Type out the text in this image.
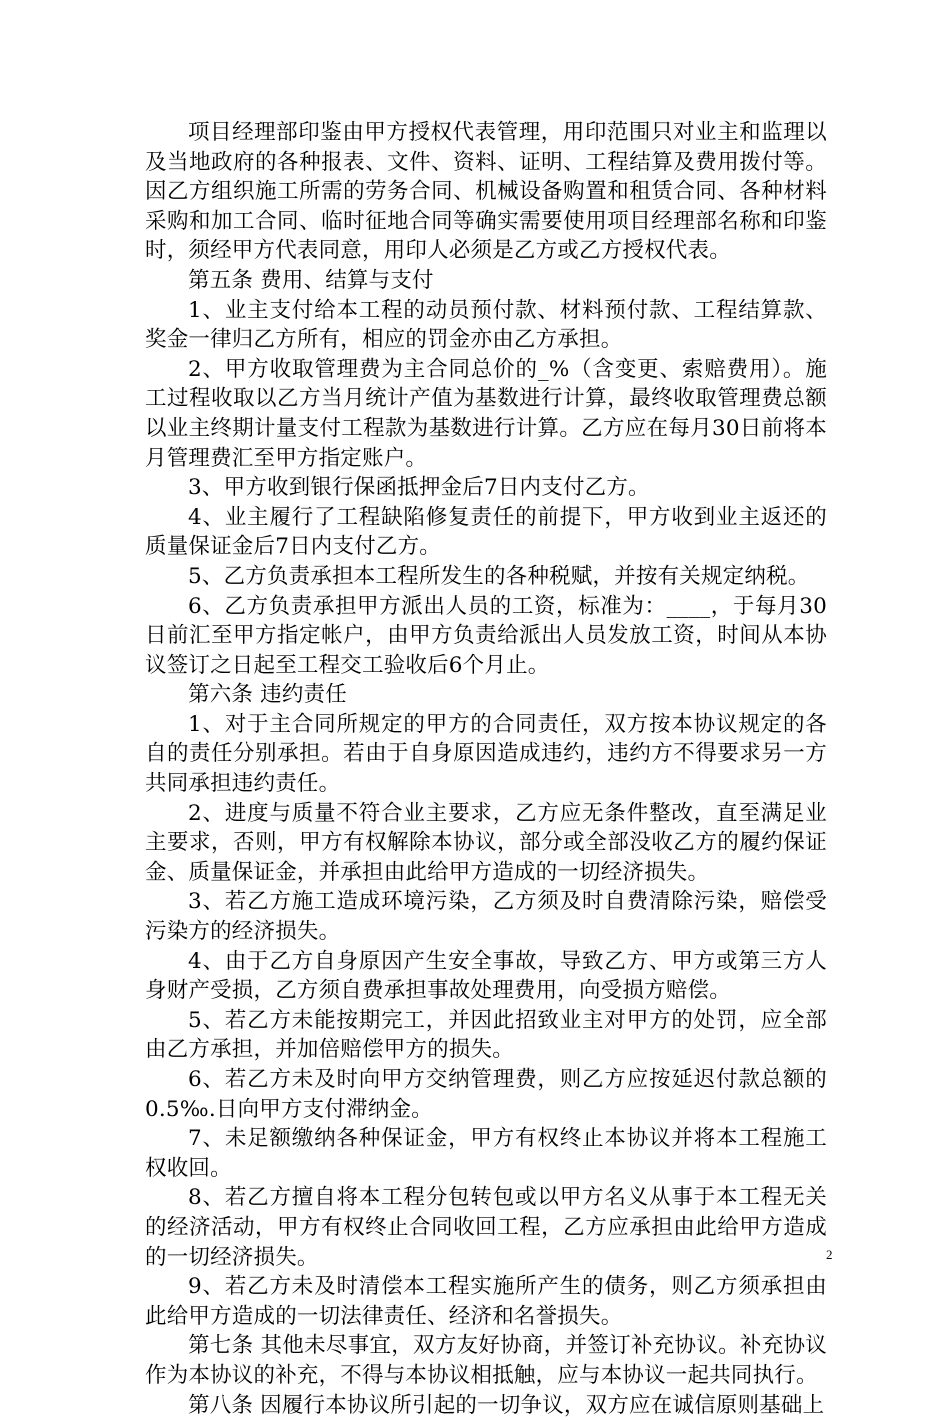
项目经理部印鉴由甲方授权代表管理，用印范围只对业主和监理以及当地政府的各种报表、文件、资料、证明、工程结算及费用拨付等。因乙方组织施工所需的劳务合同、机械设备购置和租赁合同、各种材料采购和加工合同、临时征地合同等确实需要使用项目经理部名称和印鉴时，须经甲方代表同意，用印人必须是乙方或乙方授权代表。

第五条 费用、结算与支付

1、业主支付给本工程的动员预付款、材料预付款、工程结算款、奖金一律归乙方所有，相应的罚金亦由乙方承担。

2、甲方收取管理费为主合同总价的_%（含变更、索赔费用）。施工过程收取以乙方当月统计产值为基数进行计算，最终收取管理费总额以业主终期计量支付工程款为基数进行计算。乙方应在每月30日前将本月管理费汇至甲方指定账户。

3、甲方收到银行保函抵押金后7日内支付乙方。

4、业主履行了工程缺陷修复责任的前提下，甲方收到业主返还的质量保证金后7日内支付乙方。

5、乙方负责承担本工程所发生的各种税赋，并按有关规定纳税。

6、乙方负责承担甲方派出人员的工资，标准为：____，于每月30日前汇至甲方指定帐户，由甲方负责给派出人员发放工资，时间从本协议签订之日起至工程交工验收后6个月止。

第六条 违约责任

1、对于主合同所规定的甲方的合同责任，双方按本协议规定的各自的责任分别承担。若由于自身原因造成违约，违约方不得要求另一方共同承担违约责任。

2、进度与质量不符合业主要求，乙方应无条件整改，直至满足业主要求，否则，甲方有权解除本协议，部分或全部没收乙方的履约保证金、质量保证金，并承担由此给甲方造成的一切经济损失。

3、若乙方施工造成环境污染，乙方须及时自费清除污染，赔偿受污染方的经济损失。

4、由于乙方自身原因产生安全事故，导致乙方、甲方或第三方人身财产受损，乙方须自费承担事故处理费用，向受损方赔偿。

5、若乙方未能按期完工，并因此招致业主对甲方的处罚，应全部由乙方承担，并加倍赔偿甲方的损失。

6、若乙方未及时向甲方交纳管理费，则乙方应按延迟付款总额的0.5‰.日向甲方支付滞纳金。

7、未足额缴纳各种保证金，甲方有权终止本协议并将本工程施工权收回。

8、若乙方擅自将本工程分包转包或以甲方名义从事于本工程无关的经济活动，甲方有权终止合同收回工程，乙方应承担由此给甲方造成的一切经济损失。

9、若乙方未及时清偿本工程实施所产生的债务，则乙方须承担由此给甲方造成的一切法律责任、经济和名誉损失。

第七条 其他未尽事宜，双方友好协商，并签订补充协议。补充协议作为本协议的补充，不得与本协议相抵触，应与本协议一起共同执行。

第八条 因履行本协议所引起的一切争议，双方应在诚信原则基础上

2
